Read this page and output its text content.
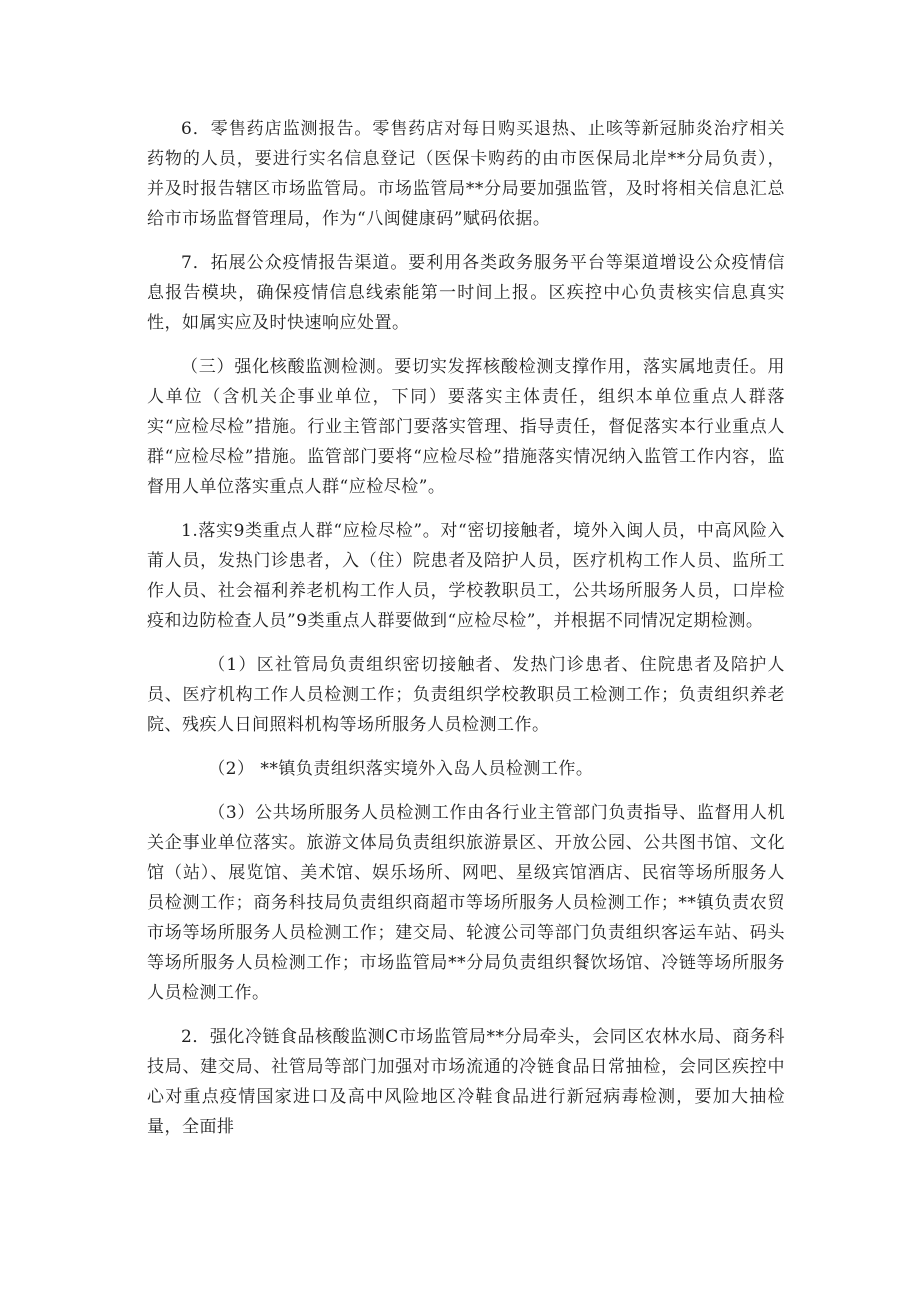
6．零售药店监测报告。零售药店对每日购买退热、止咳等新冠肺炎治疗相关药物的人员，要进行实名信息登记（医保卡购药的由市医保局北岸**分局负责），并及时报告辖区市场监管局。市场监管局**分局要加强监管，及时将相关信息汇总给市市场监督管理局，作为“八闽健康码”赋码依据。

7．拓展公众疫情报告渠道。要利用各类政务服务平台等渠道增设公众疫情信息报告模块，确保疫情信息线索能第一时间上报。区疾控中心负责核实信息真实性，如属实应及时快速响应处置。

（三）强化核酸监测检测。要切实发挥核酸检测支撑作用，落实属地责任。用人单位（含机关企事业单位，下同）要落实主体责任，组织本单位重点人群落实“应检尽检”措施。行业主管部门要落实管理、指导责任，督促落实本行业重点人群“应检尽检”措施。监管部门要将“应检尽检”措施落实情况纳入监管工作内容，监督用人单位落实重点人群“应检尽检”。

1.落实9类重点人群“应检尽检”。对“密切接触者，境外入闽人员，中高风险入莆人员，发热门诊患者，入（住）院患者及陪护人员，医疗机构工作人员、监所工作人员、社会福利养老机构工作人员，学校教职员工，公共场所服务人员，口岸检疫和边防检查人员”9类重点人群要做到“应检尽检”，并根据不同情况定期检测。

（1）区社管局负责组织密切接触者、发热门诊患者、住院患者及陪护人员、医疗机构工作人员检测工作；负责组织学校教职员工检测工作；负责组织养老院、残疾人日间照料机构等场所服务人员检测工作。

（2） **镇负责组织落实境外入岛人员检测工作。

（3）公共场所服务人员检测工作由各行业主管部门负责指导、监督用人机关企事业单位落实。旅游文体局负责组织旅游景区、开放公园、公共图书馆、文化馆（站）、展览馆、美术馆、娱乐场所、网吧、星级宾馆酒店、民宿等场所服务人员检测工作；商务科技局负责组织商超市等场所服务人员检测工作；**镇负责农贸市场等场所服务人员检测工作；建交局、轮渡公司等部门负责组织客运车站、码头等场所服务人员检测工作；市场监管局**分局负责组织餐饮场馆、冷链等场所服务人员检测工作。

2．强化冷链食品核酸监测C市场监管局**分局牵头，会同区农林水局、商务科技局、建交局、社管局等部门加强对市场流通的冷链食品日常抽检，会同区疾控中心对重点疫情国家进口及高中风险地区冷鞋食品进行新冠病毒检测，要加大抽检量，全面排
